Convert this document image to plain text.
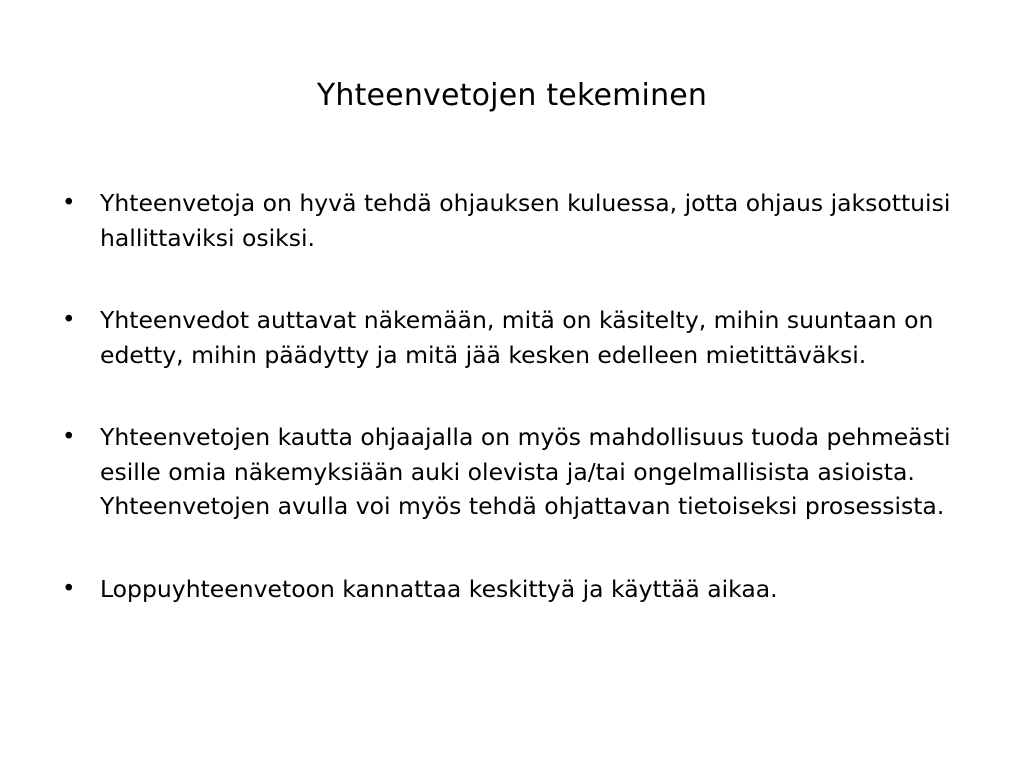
Yhteenvetojen tekeminen
• Yhteenvetoja on hyvä tehdä ohjauksen kuluessa, jotta ohjaus jaksottuisi hallittaviksi osiksi.
• Yhteenvedot auttavat näkemään, mitä on käsitelty, mihin suuntaan on edetty, mihin päädytty ja mitä jää kesken edelleen mietittäväksi.
• Yhteenvetojen kautta ohjaajalla on myös mahdollisuus tuoda pehmeästi esille omia näkemyksiään auki olevista ja/tai ongelmallisista asioista. Yhteenvetojen avulla voi myös tehdä ohjattavan tietoiseksi prosessista.
• Loppuyhteenvetoon kannattaa keskittyä ja käyttää aikaa.
